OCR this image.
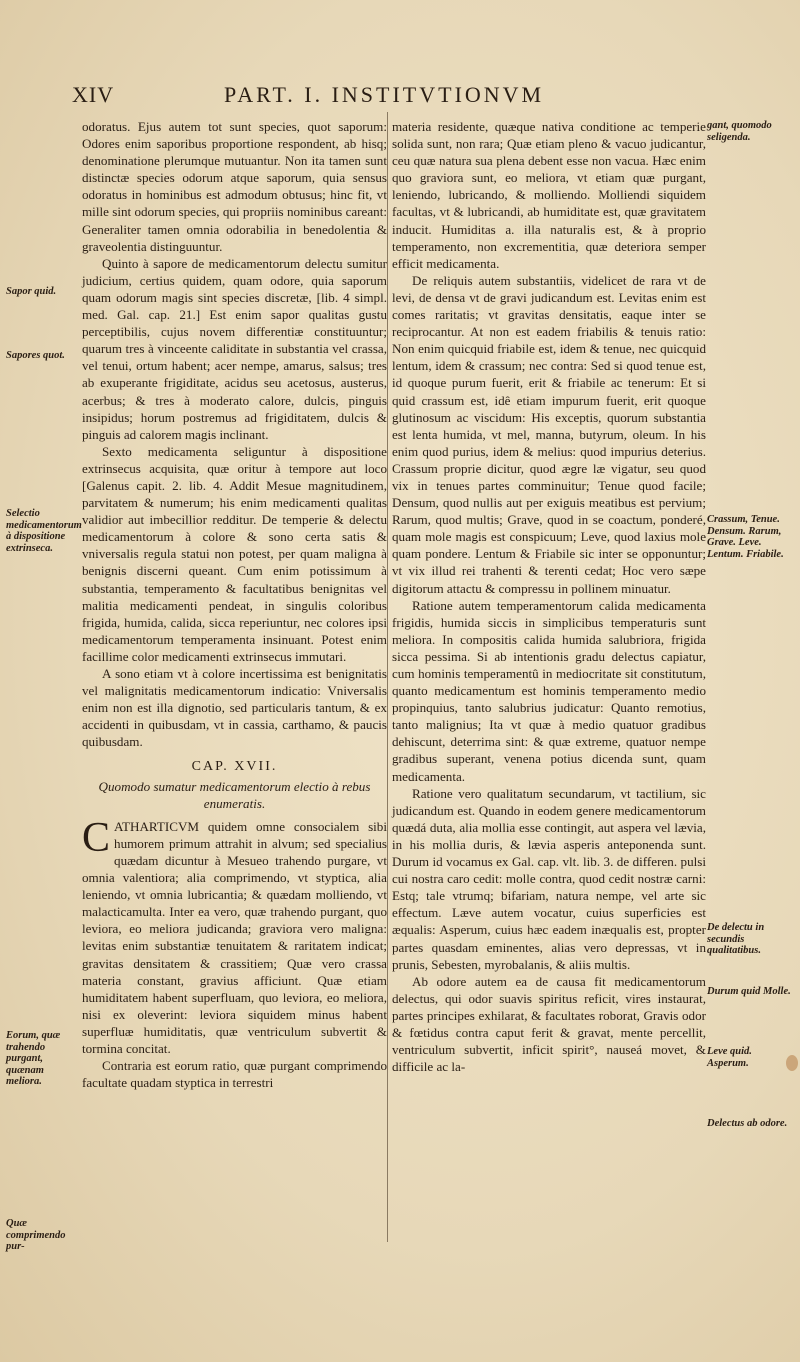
XIV	PART. I. INSTITVTIONVM
Sapor quid.
Sapores quot.
Selectio medicamentorum à dispositione extrinseca.
Eorum, quæ trahendo purgant, quænam meliora.
Quæ comprimendo pur-
gant, quomodo seligenda.
Crassum, Tenue. Densum. Rarum, Grave. Leve. Lentum. Friabile.
De delectu in secundis qualitatibus.
Durum quid Molle.
Leve quid. Asperum.
Delectus ab odore.

odoratus. Ejus autem tot sunt species, quot saporum: Odores enim saporibus proportione respondent, ab hisq; denominatione plerumque mutuantur. Non ita tamen sunt distinctæ species odorum atque saporum, quia sensus odoratus in hominibus est admodum obtusus; hinc fit, vt mille sint odorum species, qui propriis nominibus careant: Generaliter tamen omnia odorabilia in benedolentia & graveolentia distinguuntur.

Quinto à sapore de medicamentorum delectu sumitur judicium, certius quidem, quam odore, quia saporum quam odorum magis sint species discretæ, [lib. 4 simpl. med. Gal. cap. 21.] Est enim sapor qualitas gustu perceptibilis, cujus novem differentiæ constituuntur; quarum tres à vinceente caliditate in substantia vel crassa, vel tenui, ortum habent; acer nempe, amarus, salsus; tres ab exuperante frigiditate, acidus seu acetosus, austerus, acerbus; & tres à moderato calore, dulcis, pinguis insipidus; horum postremus ad frigiditatem, dulcis & pinguis ad calorem magis inclinant.

Sexto medicamenta seliguntur à dispositione extrinsecus acquisita, quæ oritur à tempore aut loco [Galenus capit. 2. lib. 4. Addit Mesue magnitudinem, parvitatem & numerum; his enim medicamenti qualitas validior aut imbecillior redditur. De temperie & delectu medicamentorum à colore & sono certa satis & vniversalis regula statui non potest, per quam maligna à benignis discerni queant. Cum enim potissimum à substantia, temperamento & facultatibus benignitas vel malitia medicamenti pendeat, in singulis coloribus frigida, humida, calida, sicca reperiuntur, nec colores ipsi medicamentorum temperamenta insinuant. Potest enim facillime color medicamenti extrinsecus immutari.

A sono etiam vt à colore incertissima est benignitatis vel malignitatis medicamentorum indicatio: Vniversalis enim non est illa dignotio, sed particularis tantum, & ex accidenti in quibusdam, vt in cassia, carthamo, & paucis quibusdam.

CAP. XVII.
Quomodo sumatur medicamentorum electio à rebus enumeratis.

CATHARTICVM quidem omne consocialem sibi humorem primum attrahit in alvum; sed specialius quædam dicuntur à Mesueo trahendo purgare, vt omnia valentiora; alia comprimendo, vt styptica, alia leniendo, vt omnia lubricantia; & quædam molliendo, vt malacticamulta. Inter ea vero, quæ trahendo purgant, quo leviora, eo meliora judicanda; graviora vero maligna: levitas enim substantiæ tenuitatem & raritatem indicat; gravitas densitatem & crassitiem; Quæ vero crassa materia constant, gravius afficiunt. Quæ etiam humiditatem habent superfluam, quo leviora, eo meliora, nisi ex oleverint: leviora siquidem minus habent superfluæ humiditatis, quæ ventriculum subvertit & tormina concitat.

Contraria est eorum ratio, quæ purgant comprimendo facultate quadam styptica in terrestri

materia residente, quæque nativa conditione ac temperie solida sunt, non rara; Quæ etiam pleno & vacuo judicantur, ceu quæ natura sua plena debent esse non vacua. Hæc enim quo graviora sunt, eo meliora, vt etiam quæ purgant, leniendo, lubricando, & molliendo. Molliendi siquidem facultas, vt & lubricandi, ab humiditate est, quæ gravitatem inducit. Humiditas a. illa naturalis est, & à proprio temperamento, non excrementitia, quæ deteriora semper efficit medicamenta.

De reliquis autem substantiis, videlicet de rara vt de levi, de densa vt de gravi judicandum est. Levitas enim est comes raritatis; vt gravitas densitatis, eaque inter se reciprocantur. At non est eadem friabilis & tenuis ratio: Non enim quicquid friabile est, idem & tenue, nec quicquid lentum, idem & crassum; nec contra: Sed si quod tenue est, id quoque purum fuerit, erit & friabile ac tenerum: Et si quid crassum est, idê etiam impurum fuerit, erit quoque glutinosum ac viscidum: His exceptis, quorum substantia est lenta humida, vt mel, manna, butyrum, oleum. In his enim quod purius, idem & melius: quod impurius deterius. Crassum proprie dicitur, quod ægre læ vigatur, seu quod vix in tenues partes comminuitur; Tenue quod facile; Densum, quod nullis aut per exiguis meatibus est pervium; Rarum, quod multis; Grave, quod in se coactum, ponderé, quam mole magis est conspicuum; Leve, quod laxius mole quam pondere. Lentum & Friabile sic inter se opponuntur; vt vix illud rei trahenti & terenti cedat; Hoc vero sæpe digitorum attactu & compressu in pollinem minuatur.

Ratione autem temperamentorum calida medicamenta frigidis, humida siccis in simplicibus temperaturis sunt meliora. In compositis calida humida salubriora, frigida sicca pessima. Si ab intentionis gradu delectus capiatur, cum hominis temperamentû in mediocritate sit constitutum, quanto medicamentum est hominis temperamento medio propinquius, tanto salubrius judicatur: Quanto remotius, tanto malignius; Ita vt quæ à medio quatuor gradibus dehiscunt, deterrima sint: & quæ extreme, quatuor nempe gradibus superant, venena potius dicenda sunt, quam medicamenta.

Ratione vero qualitatum secundarum, vt tactilium, sic judicandum est. Quando in eodem genere medicamentorum quædá duta, alia mollia esse contingit, aut aspera vel lævia, in his mollia duris, & lævia asperis anteponenda sunt. Durum id vocamus ex Gal. cap. vlt. lib. 3. de differen. pulsi cui nostra caro cedit: molle contra, quod cedit nostræ carni: Estq; tale vtrumq; bifariam, natura nempe, vel arte sic effectum. Læve autem vocatur, cuius superficies est æqualis: Asperum, cuius hæc eadem inæqualis est, propter partes quasdam eminentes, alias vero depressas, vt in prunis, Sebesten, myrobalanis, & aliis multis.

Ab odore autem ea de causa fit medicamentorum delectus, qui odor suavis spiritus reficit, vires instaurat, partes principes exhilarat, & facultates roborat, Gravis odor & fœtidus contra caput ferit & gravat, mente percellit, ventriculum subvertit, inficit spirit°, nauseá movet, & difficile ac la-
